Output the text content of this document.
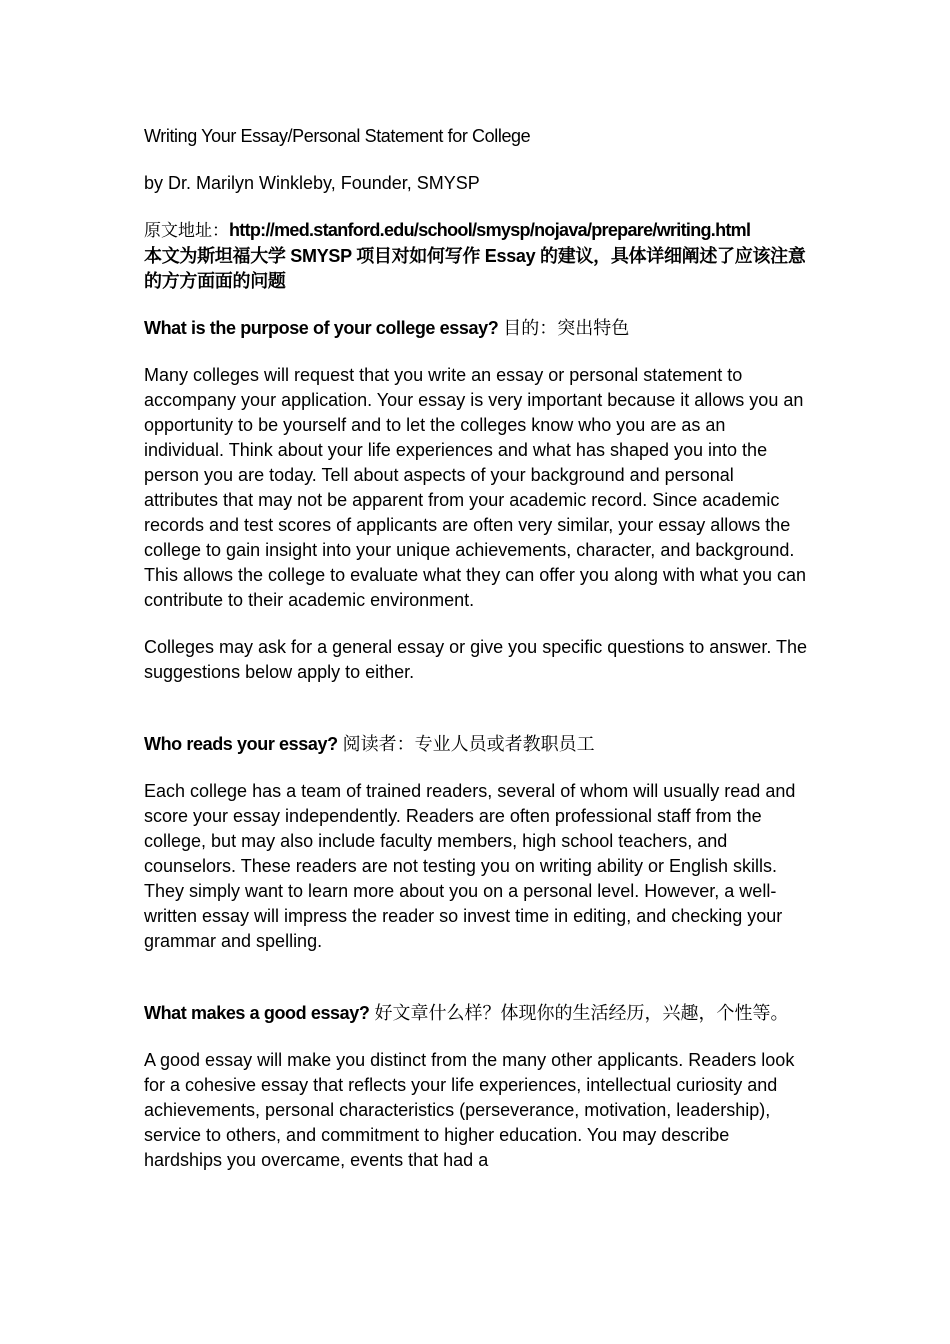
Writing Your Essay/Personal Statement for College
by Dr. Marilyn Winkleby, Founder, SMYSP
原文地址：http://med.stanford.edu/school/smysp/nojava/prepare/writing.html
本文为斯坦福大学 SMYSP 项目对如何写作 Essay 的建议，具体详细阐述了应该注意的方方面面的问题
What is the purpose of your college essay? 目的：突出特色
Many colleges will request that you write an essay or personal statement to accompany your application. Your essay is very important because it allows you an opportunity to be yourself and to let the colleges know who you are as an individual. Think about your life experiences and what has shaped you into the person you are today. Tell about aspects of your background and personal attributes that may not be apparent from your academic record. Since academic records and test scores of applicants are often very similar, your essay allows the college to gain insight into your unique achievements, character, and background. This allows the college to evaluate what they can offer you along with what you can contribute to their academic environment.
Colleges may ask for a general essay or give you specific questions to answer. The suggestions below apply to either.
Who reads your essay? 阅读者：专业人员或者教职员工
Each college has a team of trained readers, several of whom will usually read and score your essay independently. Readers are often professional staff from the college, but may also include faculty members, high school teachers, and counselors. These readers are not testing you on writing ability or English skills. They simply want to learn more about you on a personal level. However, a well-written essay will impress the reader so invest time in editing, and checking your grammar and spelling.
What makes a good essay? 好文章什么样？体现你的生活经历，兴趣，个性等。
A good essay will make you distinct from the many other applicants. Readers look for a cohesive essay that reflects your life experiences, intellectual curiosity and achievements, personal characteristics (perseverance, motivation, leadership), service to others, and commitment to higher education. You may describe hardships you overcame, events that had a
